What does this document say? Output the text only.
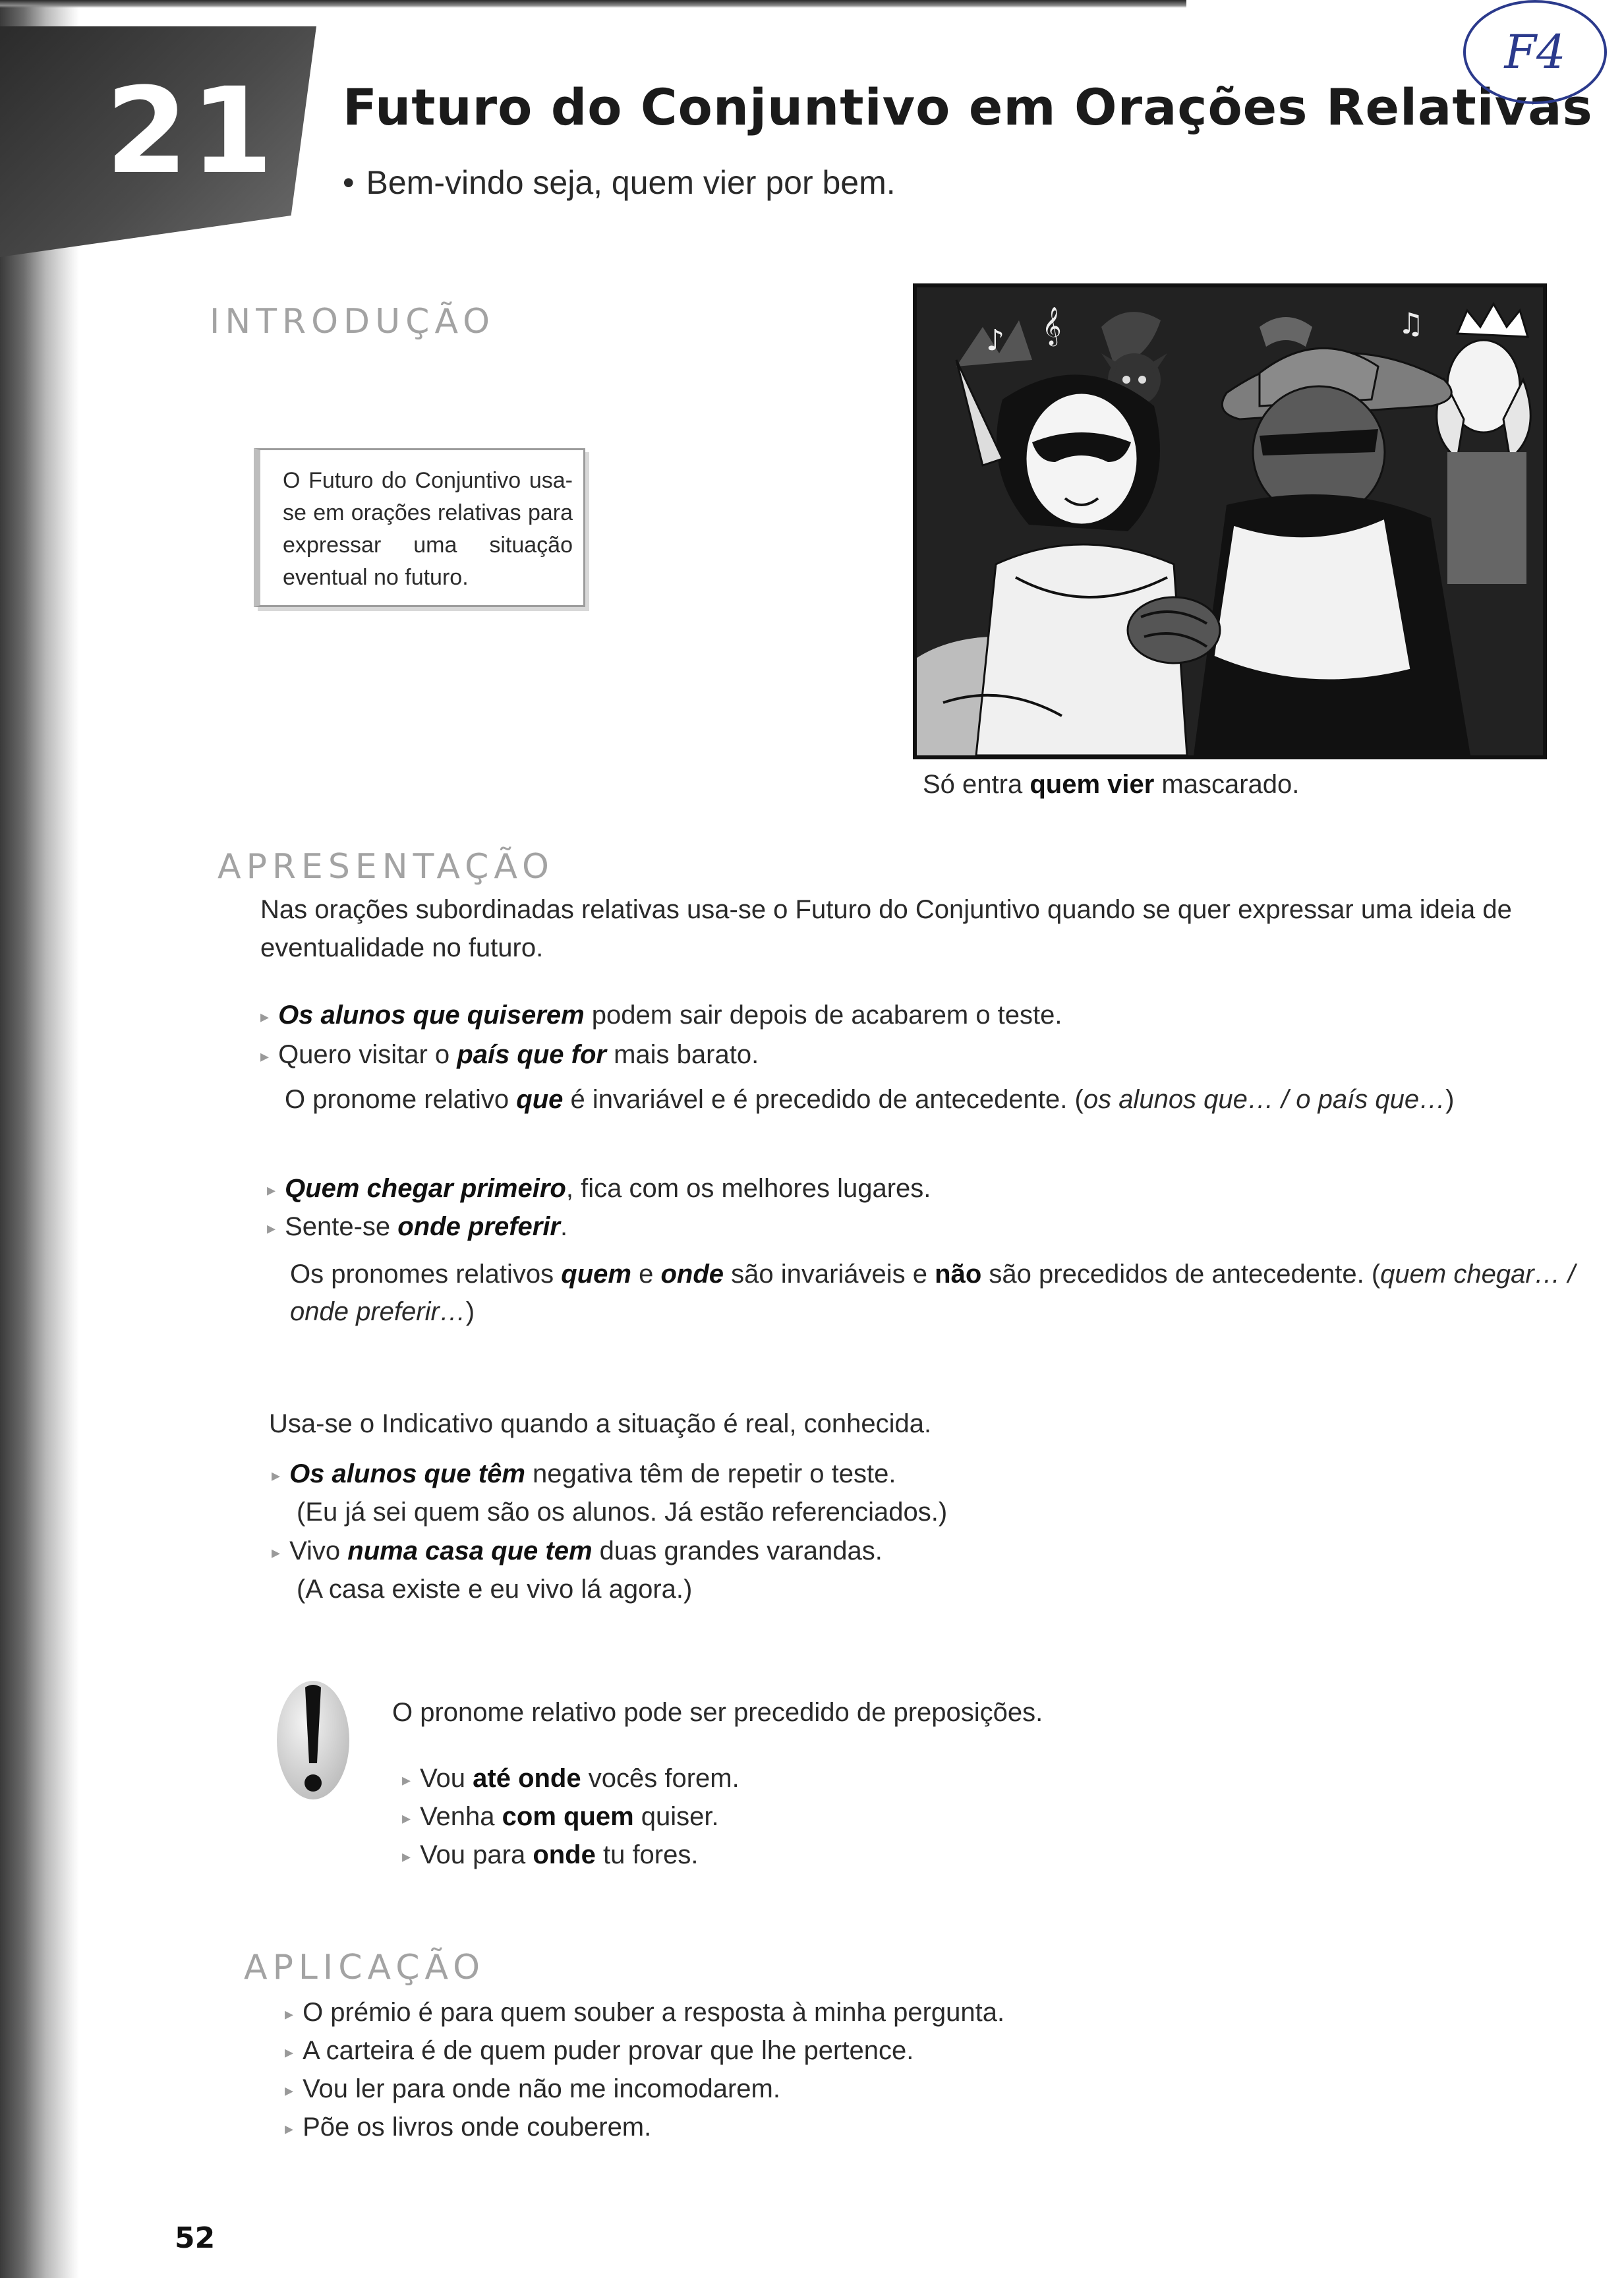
21 Futuro do Conjuntivo em Orações Relativas
• Bem-vindo seja, quem vier por bem.
F4
INTRODUÇÃO
O Futuro do Conjuntivo usa-se em orações relativas para expressar uma situação eventual no futuro.
♪ 𝄞	♫
Só entra quem vier mascarado.
APRESENTAÇÃO
Nas orações subordinadas relativas usa-se o Futuro do Conjuntivo quando se quer expressar uma ideia de
eventualidade no futuro.
▸ Os alunos que quiserem podem sair depois de acabarem o teste.
▸ Quero visitar o país que for mais barato.
O pronome relativo que é invariável e é precedido de antecedente. (os alunos que… / o país que…)
▸ Quem chegar primeiro, fica com os melhores lugares.
▸ Sente-se onde preferir.
Os pronomes relativos quem e onde são invariáveis e não são precedidos de antecedente. (quem chegar… /
onde preferir…)
Usa-se o Indicativo quando a situação é real, conhecida.
▸ Os alunos que têm negativa têm de repetir o teste.
(Eu já sei quem são os alunos. Já estão referenciados.)
▸ Vivo numa casa que tem duas grandes varandas.
(A casa existe e eu vivo lá agora.)
O pronome relativo pode ser precedido de preposições.
▸ Vou até onde vocês forem.
▸ Venha com quem quiser.
▸ Vou para onde tu fores.
APLICAÇÃO
▸ O prémio é para quem souber a resposta à minha pergunta.
▸ A carteira é de quem puder provar que lhe pertence.
▸ Vou ler para onde não me incomodarem.
▸ Põe os livros onde couberem.
52
